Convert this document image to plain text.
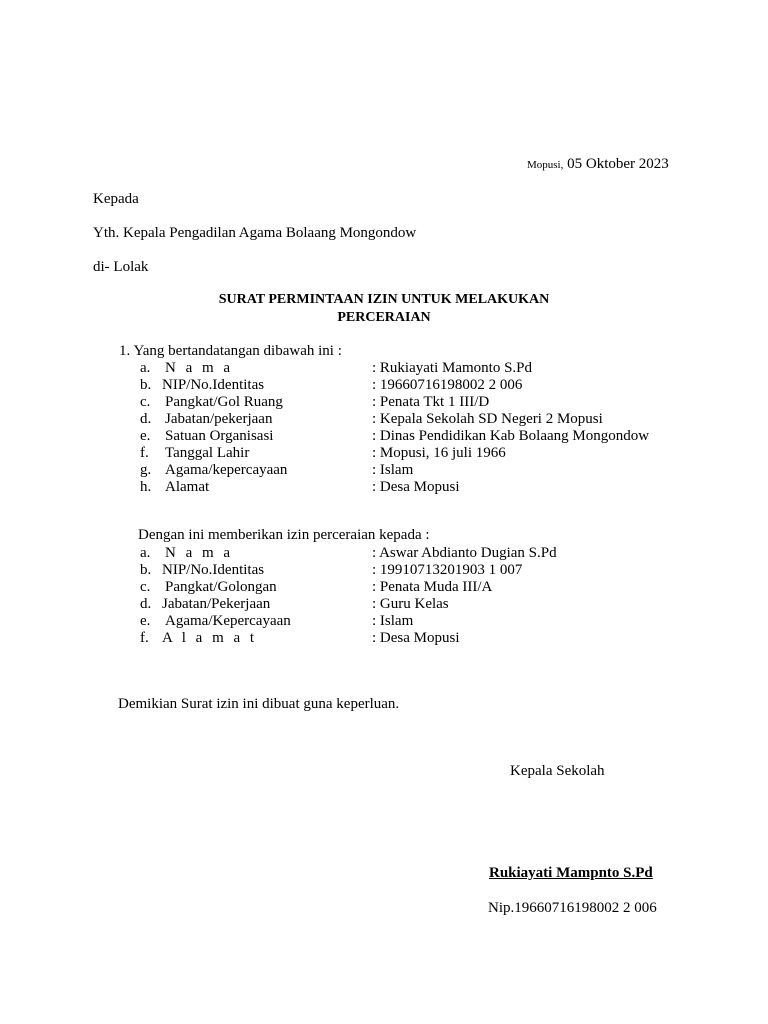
Mopusi, 05 Oktober 2023
Kepada
Yth. Kepala Pengadilan Agama Bolaang Mongondow
di- Lolak
SURAT PERMINTAAN IZIN UNTUK MELAKUKAN
PERCERAIAN
1. Yang bertandatangan dibawah ini :
a. N a m a	: Rukiayati Mamonto S.Pd
b. NIP/No.Identitas	: 19660716198002 2 006
c. Pangkat/Gol Ruang	: Penata Tkt 1 III/D
d. Jabatan/pekerjaan	: Kepala Sekolah SD Negeri 2 Mopusi
e. Satuan Organisasi	: Dinas Pendidikan Kab Bolaang Mongondow
f. Tanggal Lahir	: Mopusi, 16 juli 1966
g. Agama/kepercayaan	: Islam
h. Alamat	: Desa Mopusi
Dengan ini memberikan izin perceraian kepada :
a. N a m a	: Aswar Abdianto Dugian S.Pd
b. NIP/No.Identitas	: 19910713201903 1 007
c. Pangkat/Golongan	: Penata Muda III/A
d. Jabatan/Pekerjaan	: Guru Kelas
e. Agama/Kepercayaan	: Islam
f. A l a m a t	: Desa Mopusi
Demikian Surat izin ini dibuat guna keperluan.
Kepala Sekolah
Rukiayati Mampnto S.Pd
Nip.19660716198002 2 006
